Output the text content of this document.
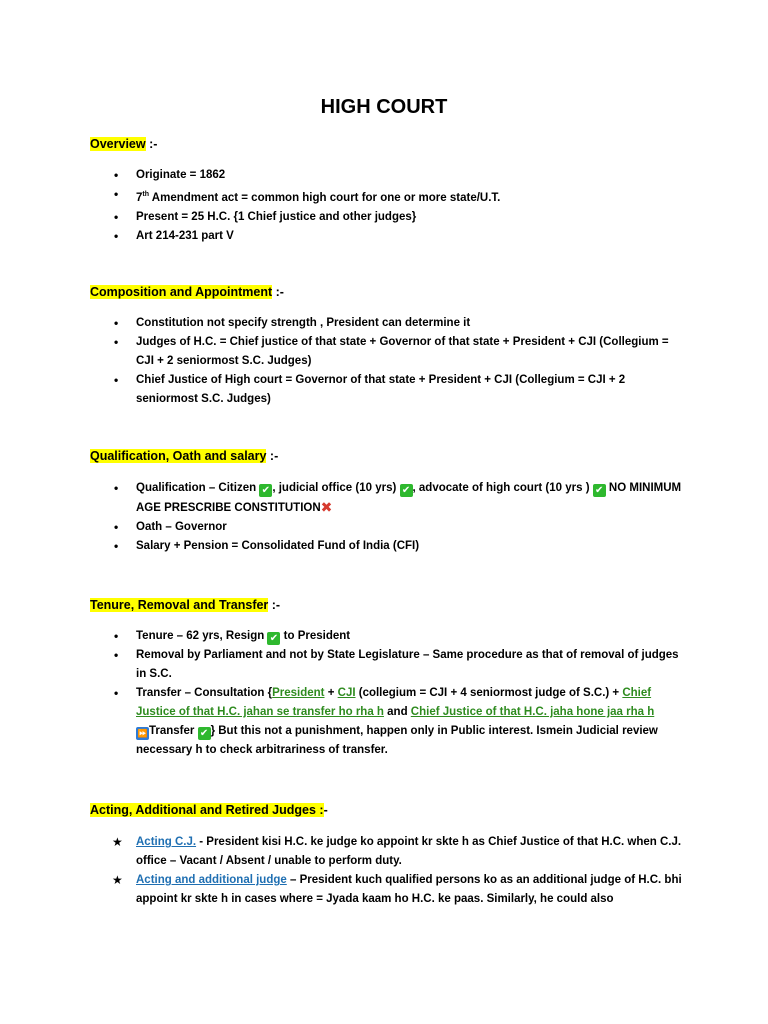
HIGH COURT
Overview :-
•	Originate = 1862
•	7th Amendment act = common high court for one or more state/U.T.
•	Present = 25 H.C. {1 Chief justice and other judges}
•	Art 214-231 part V
Composition and Appointment :-
•	Constitution not specify strength , President can determine it
•	Judges of H.C. = Chief justice of that state + Governor of that state + President + CJI (Collegium = CJI + 2 seniormost S.C. Judges)
•	Chief Justice of High court = Governor of that state + President + CJI (Collegium = CJI + 2 seniormost S.C. Judges)
Qualification, Oath and salary :-
•	Qualification – Citizen ✔ , judicial office (10 yrs) ✔ , advocate of high court (10 yrs ) ✔ NO MINIMUM AGE PRESCRIBE CONSTITUTION✖
•	Oath – Governor
•	Salary + Pension = Consolidated Fund of India (CFI)
Tenure, Removal and Transfer :-
•	Tenure – 62 yrs, Resign ✔ to President
•	Removal by Parliament and not by State Legislature – Same procedure as that of removal of judges in S.C.
•	Transfer – Consultation {President + CJI (collegium = CJI + 4 seniormost judge of S.C.) + Chief Justice of that H.C. jahan se transfer ho rha h and Chief Justice of that H.C. jaha hone jaa rha h
⏩ Transfer ✔ } But this not a punishment, happen only in Public interest. Ismein Judicial review necessary h to check arbitrariness of transfer.
Acting, Additional and Retired Judges :-
★ Acting C.J. - President kisi H.C. ke judge ko appoint kr skte h as Chief Justice of that H.C. when C.J. office – Vacant / Absent / unable to perform duty.
★ Acting and additional judge – President kuch qualified persons ko as an additional judge of H.C. bhi appoint kr skte h in cases where = Jyada kaam ho H.C. ke paas. Similarly, he could also
